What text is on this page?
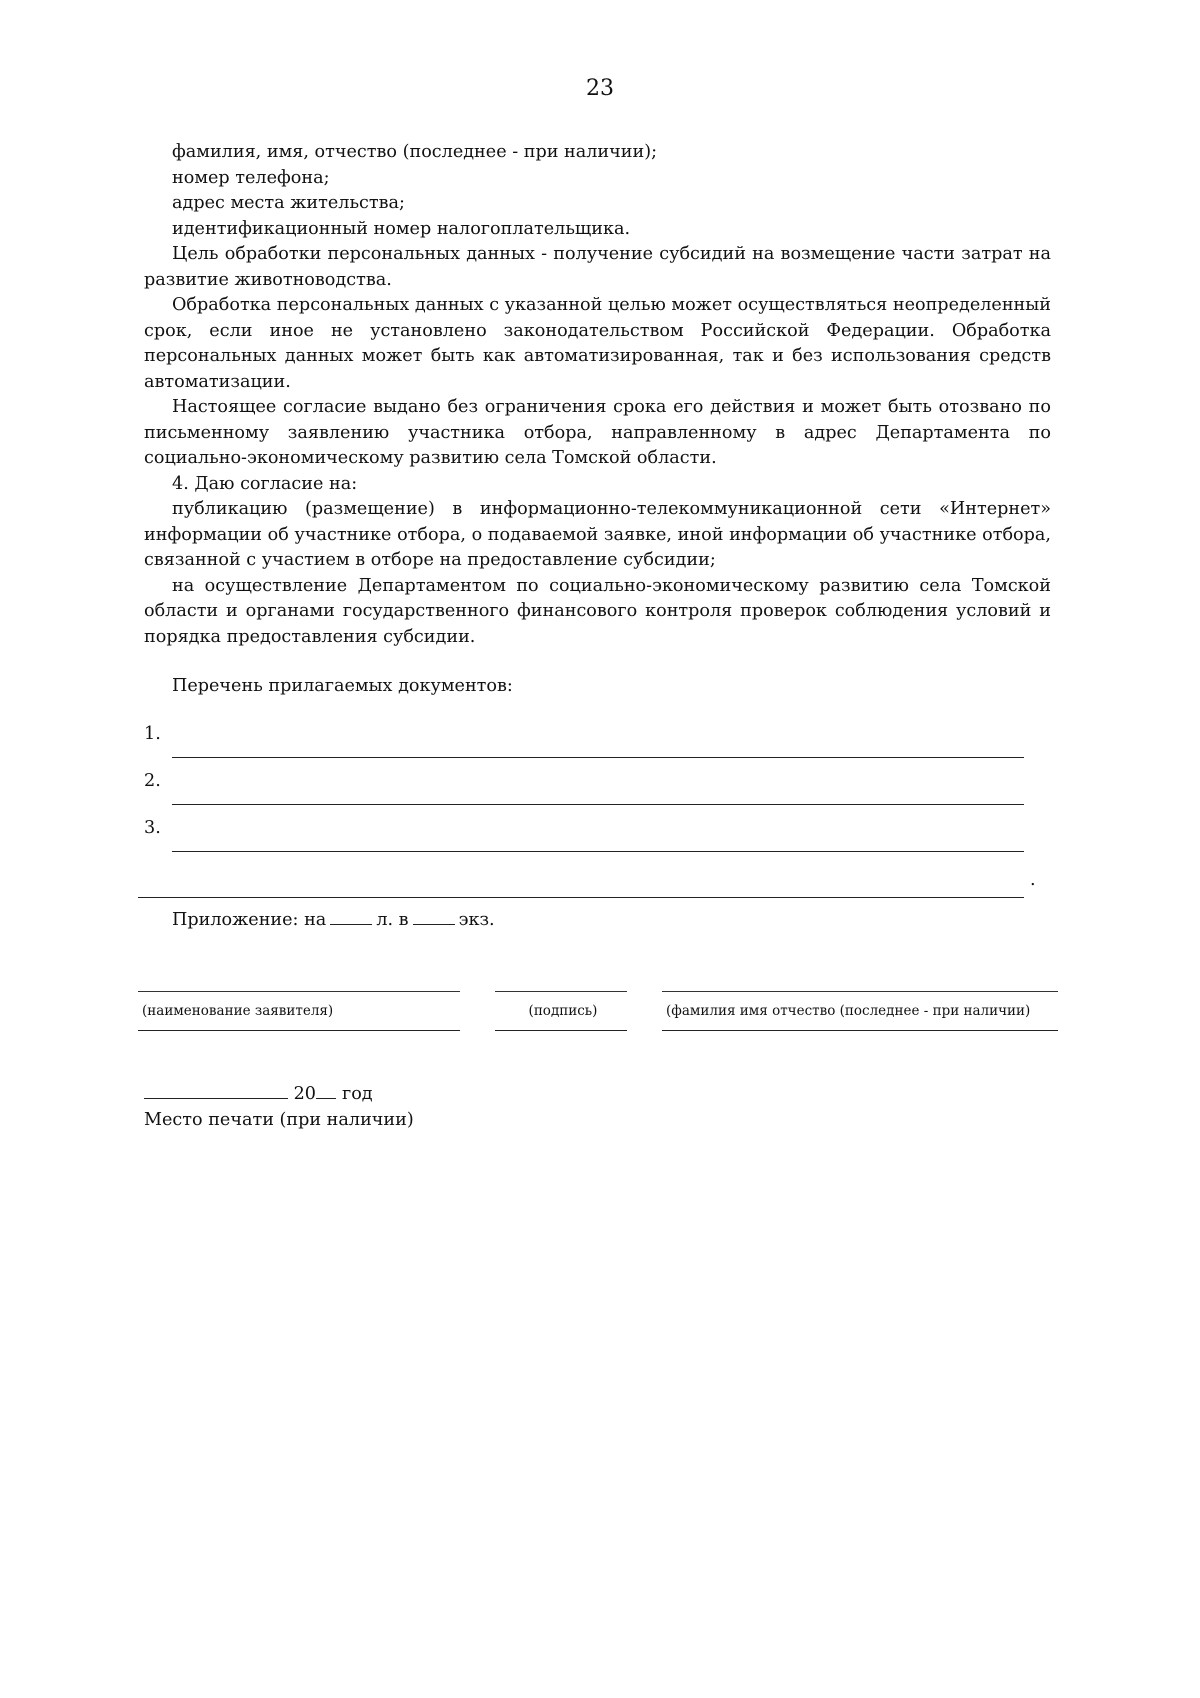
23

фамилия, имя, отчество (последнее - при наличии);

номер телефона;

адрес места жительства;

идентификационный номер налогоплательщика.

Цель обработки персональных данных - получение субсидий на возмещение части затрат на развитие животноводства.

Обработка персональных данных с указанной целью может осуществляться неопределенный срок, если иное не установлено законодательством Российской Федерации. Обработка персональных данных может быть как автоматизированная, так и без использования средств автоматизации.

Настоящее согласие выдано без ограничения срока его действия и может быть отозвано по письменному заявлению участника отбора, направленному в адрес Департамента по социально-экономическому развитию села Томской области.

4. Даю согласие на:

публикацию (размещение) в информационно-телекоммуникационной сети «Интернет» информации об участнике отбора, о подаваемой заявке, иной информации об участнике отбора, связанной с участием в отборе на предоставление субсидии;

на осуществление Департаментом по социально-экономическому развитию села Томской области и органами государственного финансового контроля проверок соблюдения условий и порядка предоставления субсидии.

Перечень прилагаемых документов:
1.
2.
3.
.
Приложение: на	л. в	экз.
(наименование заявителя)	(подпись)	(фамилия имя отчество (последнее - при наличии)
20 год
Место печати (при наличии)
